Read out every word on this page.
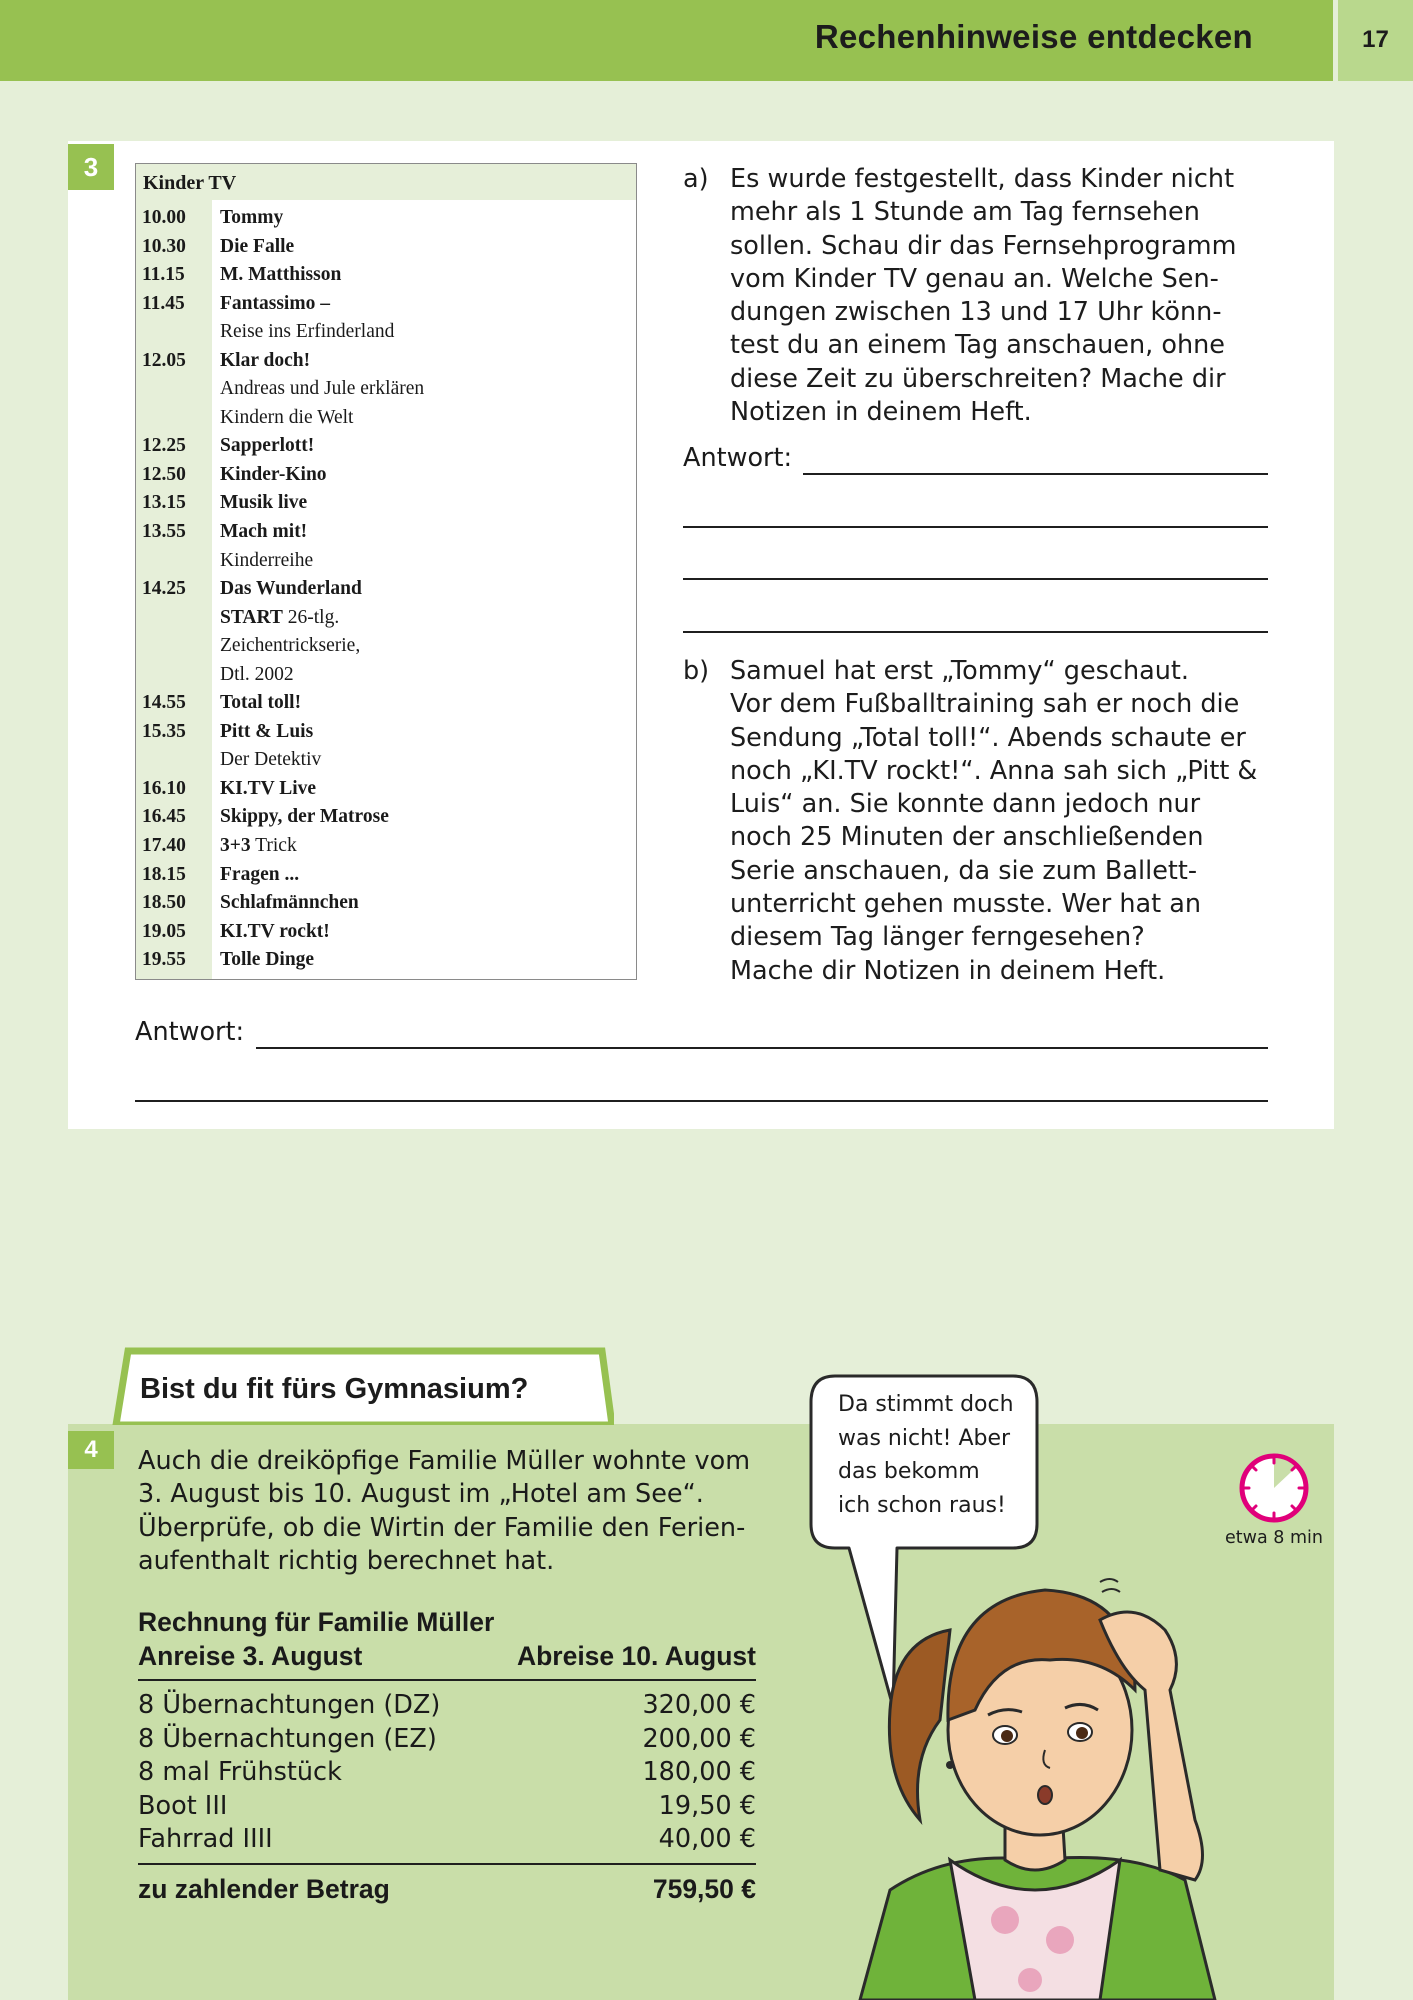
Rechenhinweise entdecken	17
3
Kinder TV
10.00	Tommy
10.30	Die Falle
11.15	M. Matthisson
11.45	Fantassimo –
Reise ins Erfinderland
12.05	Klar doch!
Andreas und Jule erklären
Kindern die Welt
12.25	Sapperlott!
12.50	Kinder-Kino
13.15	Musik live
13.55	Mach mit!
Kinderreihe
14.25	Das Wunderland
START 26-tlg.
Zeichentrickserie,
Dtl. 2002
14.55	Total toll!
15.35	Pitt & Luis
Der Detektiv
16.10	KI.TV Live
16.45	Skippy, der Matrose
17.40	3+3 Trick
18.15	Fragen ...
18.50	Schlafmännchen
19.05	KI.TV rockt!
19.55	Tolle Dinge
a) Es wurde festgestellt, dass Kinder nicht
mehr als 1 Stunde am Tag fernsehen
sollen. Schau dir das Fernsehprogramm
vom Kinder TV genau an. Welche Sen-
dungen zwischen 13 und 17 Uhr könn-
test du an einem Tag anschauen, ohne
diese Zeit zu überschreiten? Mache dir
Notizen in deinem Heft.
Antwort:
b) Samuel hat erst „Tommy“ geschaut.
Vor dem Fußballtraining sah er noch die
Sendung „Total toll!“. Abends schaute er
noch „KI.TV rockt!“. Anna sah sich „Pitt &
Luis“ an. Sie konnte dann jedoch nur
noch 25 Minuten der anschließenden
Serie anschauen, da sie zum Ballett-
unterricht gehen musste. Wer hat an
diesem Tag länger ferngesehen?
Mache dir Notizen in deinem Heft.
Antwort:
Bist du fit fürs Gymnasium?
4	Auch die dreiköpfige Familie Müller wohnte vom
3. August bis 10. August im „Hotel am See“.
Überprüfe, ob die Wirtin der Familie den Ferien-
aufenthalt richtig berechnet hat.
Rechnung für Familie Müller
Anreise 3. August	Abreise 10. August
8 Übernachtungen (DZ)	320,00 €
8 Übernachtungen (EZ)	200,00 €
8 mal Frühstück	180,00 €
Boot III	19,50 €
Fahrrad IIII	40,00 €
zu zahlender Betrag	759,50 €
Da stimmt doch
was nicht! Aber
das bekomm
ich schon raus!
etwa 8 min
